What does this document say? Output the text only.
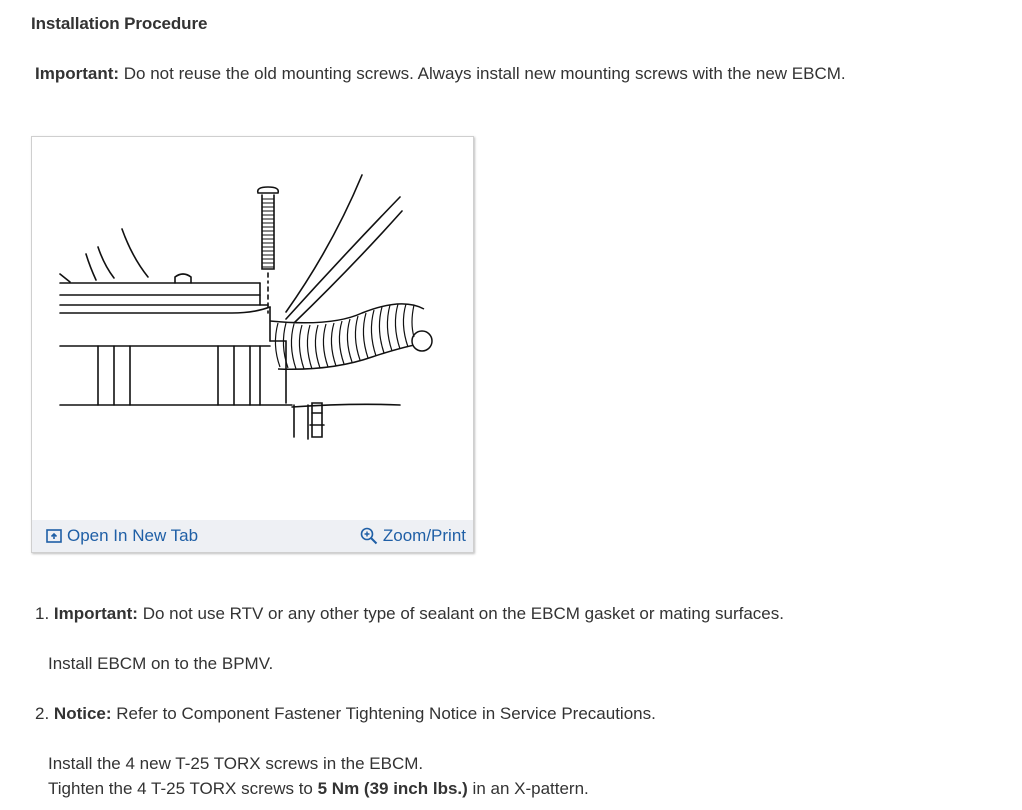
Installation Procedure
Important: Do not reuse the old mounting screws. Always install new mounting screws with the new EBCM.
Open In New Tab	Zoom/Print
1. Important: Do not use RTV or any other type of sealant on the EBCM gasket or mating surfaces.
Install EBCM on to the BPMV.
2. Notice: Refer to Component Fastener Tightening Notice in Service Precautions.
Install the 4 new T-25 TORX screws in the EBCM.
Tighten the 4 T-25 TORX screws to 5 Nm (39 inch lbs.) in an X-pattern.
